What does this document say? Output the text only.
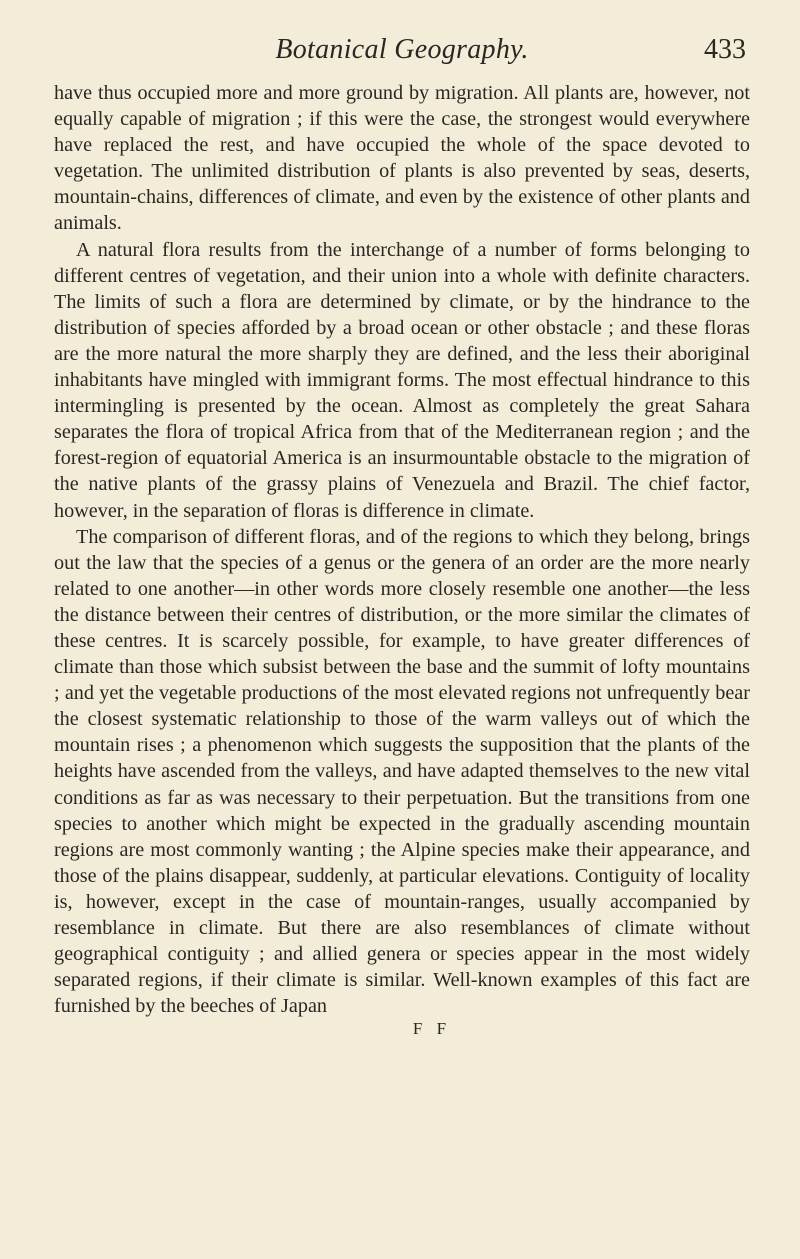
Botanical Geography.	433

have thus occupied more and more ground by migration. All plants are, however, not equally capable of migration ; if this were the case, the strongest would everywhere have replaced the rest, and have occupied the whole of the space devoted to vegetation. The unlimited distribution of plants is also prevented by seas, deserts, mountain-chains, differences of climate, and even by the existence of other plants and animals.

A natural flora results from the interchange of a number of forms belonging to different centres of vegetation, and their union into a whole with definite characters. The limits of such a flora are determined by climate, or by the hindrance to the distribution of species afforded by a broad ocean or other obstacle ; and these floras are the more natural the more sharply they are defined, and the less their aboriginal inhabitants have mingled with immigrant forms. The most effectual hindrance to this intermingling is presented by the ocean. Almost as completely the great Sahara separates the flora of tropical Africa from that of the Mediterranean region ; and the forest-region of equatorial America is an insurmountable obstacle to the migration of the native plants of the grassy plains of Venezuela and Brazil. The chief factor, however, in the separation of floras is difference in climate.

The comparison of different floras, and of the regions to which they belong, brings out the law that the species of a genus or the genera of an order are the more nearly related to one another—in other words more closely resemble one another—the less the distance between their centres of distribution, or the more similar the climates of these centres. It is scarcely possible, for example, to have greater differences of climate than those which subsist between the base and the summit of lofty mountains ; and yet the vegetable productions of the most elevated regions not unfrequently bear the closest systematic relationship to those of the warm valleys out of which the mountain rises ; a phenomenon which suggests the supposition that the plants of the heights have ascended from the valleys, and have adapted themselves to the new vital conditions as far as was necessary to their perpetuation. But the transitions from one species to another which might be expected in the gradually ascending mountain regions are most commonly wanting ; the Alpine species make their appearance, and those of the plains disappear, suddenly, at particular elevations. Contiguity of locality is, however, except in the case of mountain-ranges, usually accompanied by resemblance in climate. But there are also resemblances of climate without geographical contiguity ; and allied genera or species appear in the most widely separated regions, if their climate is similar. Well-known examples of this fact are furnished by the beeches of Japan

F F
